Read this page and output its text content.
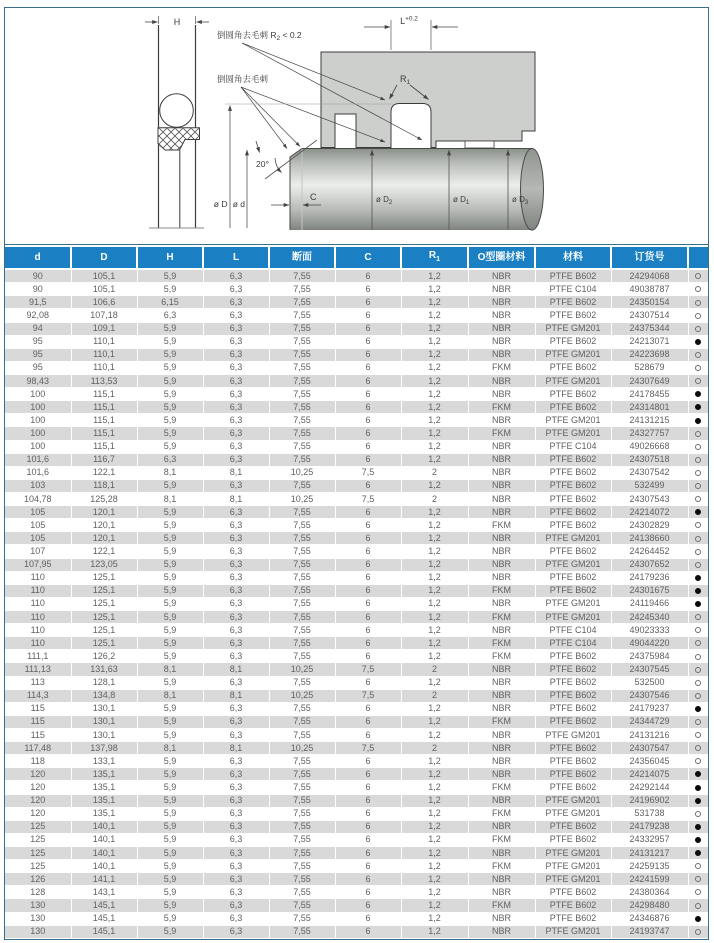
H	$L^{+0.2}$
$R_1$
倒圆角去毛刺 $R_2 < 0.2$
倒圆角去毛刺
20°
C
ø D ø d	ø $D_2$	ø $D_1$	ø $D_3$
d	D	H	L	断面	C	$R_1$	O型圈材料	材料	订货号	
90	105,1	5,9	6,3	7,55	6	1,2	NBR	PTFE B602	24294068	
90	105,1	5,9	6,3	7,55	6	1,2	NBR	PTFE C104	49038787	
91,5	106,6	6,15	6,3	7,55	6	1,2	NBR	PTFE B602	24350154	
92,08	107,18	6,3	6,3	7,55	6	1,2	NBR	PTFE B602	24307514	
94	109,1	5,9	6,3	7,55	6	1,2	NBR	PTFE GM201	24375344	
95	110,1	5,9	6,3	7,55	6	1,2	NBR	PTFE B602	24213071	
95	110,1	5,9	6,3	7,55	6	1,2	NBR	PTFE GM201	24223698	
95	110,1	5,9	6,3	7,55	6	1,2	FKM	PTFE B602	528679	
98,43	113,53	5,9	6,3	7,55	6	1,2	NBR	PTFE GM201	24307649	
100	115,1	5,9	6,3	7,55	6	1,2	NBR	PTFE B602	24178455	
100	115,1	5,9	6,3	7,55	6	1,2	FKM	PTFE B602	24314801	
100	115,1	5,9	6,3	7,55	6	1,2	NBR	PTFE GM201	24131215	
100	115,1	5,9	6,3	7,55	6	1,2	FKM	PTFE GM201	24327757	
100	115,1	5,9	6,3	7,55	6	1,2	NBR	PTFE C104	49026668	
101,6	116,7	6,3	6,3	7,55	6	1,2	NBR	PTFE B602	24307518	
101,6	122,1	8,1	8,1	10,25	7,5	2	NBR	PTFE B602	24307542	
103	118,1	5,9	6,3	7,55	6	1,2	NBR	PTFE B602	532499	
104,78	125,28	8,1	8,1	10,25	7,5	2	NBR	PTFE B602	24307543	
105	120,1	5,9	6,3	7,55	6	1,2	NBR	PTFE B602	24214072	
105	120,1	5,9	6,3	7,55	6	1,2	FKM	PTFE B602	24302829	
105	120,1	5,9	6,3	7,55	6	1,2	NBR	PTFE GM201	24138660	
107	122,1	5,9	6,3	7,55	6	1,2	NBR	PTFE B602	24264452	
107,95	123,05	5,9	6,3	7,55	6	1,2	NBR	PTFE GM201	24307652	
110	125,1	5,9	6,3	7,55	6	1,2	NBR	PTFE B602	24179236	
110	125,1	5,9	6,3	7,55	6	1,2	FKM	PTFE B602	24301675	
110	125,1	5,9	6,3	7,55	6	1,2	NBR	PTFE GM201	24119466	
110	125,1	5,9	6,3	7,55	6	1,2	FKM	PTFE GM201	24245340	
110	125,1	5,9	6,3	7,55	6	1,2	NBR	PTFE C104	49023333	
110	125,1	5,9	6,3	7,55	6	1,2	FKM	PTFE C104	49044220	
111,1	126,2	5,9	6,3	7,55	6	1,2	FKM	PTFE B602	24375984	
111,13	131,63	8,1	8,1	10,25	7,5	2	NBR	PTFE B602	24307545	
113	128,1	5,9	6,3	7,55	6	1,2	NBR	PTFE B602	532500	
114,3	134,8	8,1	8,1	10,25	7,5	2	NBR	PTFE B602	24307546	
115	130,1	5,9	6,3	7,55	6	1,2	NBR	PTFE B602	24179237	
115	130,1	5,9	6,3	7,55	6	1,2	FKM	PTFE B602	24344729	
115	130,1	5,9	6,3	7,55	6	1,2	NBR	PTFE GM201	24131216	
117,48	137,98	8,1	8,1	10,25	7,5	2	NBR	PTFE B602	24307547	
118	133,1	5,9	6,3	7,55	6	1,2	NBR	PTFE B602	24356045	
120	135,1	5,9	6,3	7,55	6	1,2	NBR	PTFE B602	24214075	
120	135,1	5,9	6,3	7,55	6	1,2	FKM	PTFE B602	24292144	
120	135,1	5,9	6,3	7,55	6	1,2	NBR	PTFE GM201	24196902	
120	135,1	5,9	6,3	7,55	6	1,2	FKM	PTFE GM201	531738	
125	140,1	5,9	6,3	7,55	6	1,2	NBR	PTFE B602	24179238	
125	140,1	5,9	6,3	7,55	6	1,2	FKM	PTFE B602	24332957	
125	140,1	5,9	6,3	7,55	6	1,2	NBR	PTFE GM201	24131217	
125	140,1	5,9	6,3	7,55	6	1,2	FKM	PTFE GM201	24259135	
126	141,1	5,9	6,3	7,55	6	1,2	NBR	PTFE GM201	24241599	
128	143,1	5,9	6,3	7,55	6	1,2	NBR	PTFE B602	24380364	
130	145,1	5,9	6,3	7,55	6	1,2	FKM	PTFE B602	24298480	
130	145,1	5,9	6,3	7,55	6	1,2	NBR	PTFE B602	24346876	
130	145,1	5,9	6,3	7,55	6	1,2	NBR	PTFE GM201	24193747	
